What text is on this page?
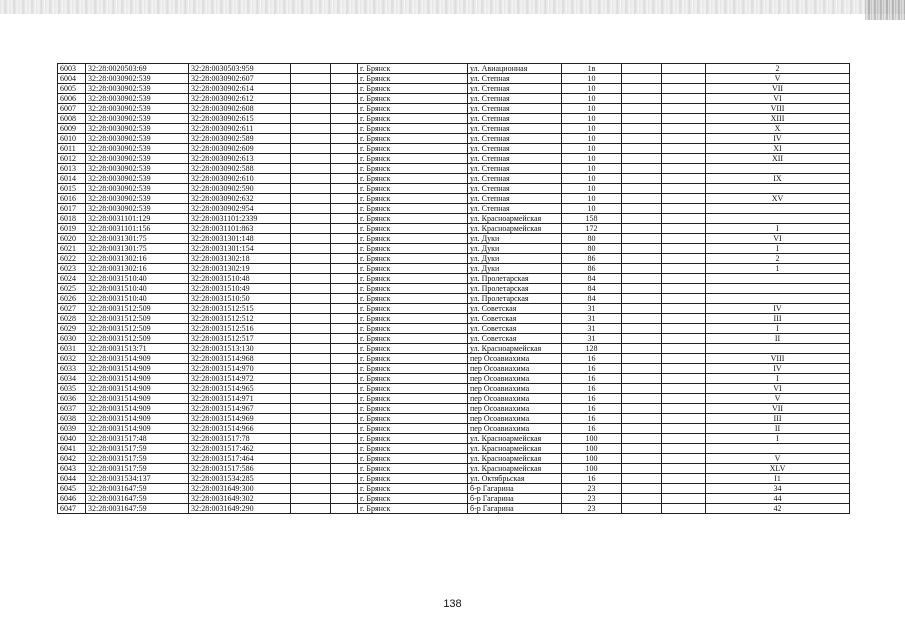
6003	32:28:0020503:69	32:28:0030503:959			г. Брянск	ул. Авиационная	1в			2
6004	32:28:0030902:539	32:28:0030902:607			г. Брянск	ул. Степная	10			V
6005	32:28:0030902:539	32:28:0030902:614			г. Брянск	ул. Степная	10			VII
6006	32:28:0030902:539	32:28:0030902:612			г. Брянск	ул. Степная	10			VI
6007	32:28:0030902:539	32:28:0030902:608			г. Брянск	ул. Степная	10			VIII
6008	32:28:0030902:539	32:28:0030902:615			г. Брянск	ул. Степная	10			XIII
6009	32:28:0030902:539	32:28:0030902:611			г. Брянск	ул. Степная	10			X
6010	32:28:0030902:539	32:28:0030902:589			г. Брянск	ул. Степная	10			IV
6011	32:28:0030902:539	32:28:0030902:609			г. Брянск	ул. Степная	10			XI
6012	32:28:0030902:539	32:28:0030902:613			г. Брянск	ул. Степная	10			XII
6013	32:28:0030902:539	32:28:0030902:588			г. Брянск	ул. Степная	10			
6014	32:28:0030902:539	32:28:0030902:610			г. Брянск	ул. Степная	10			IX
6015	32:28:0030902:539	32:28:0030902:590			г. Брянск	ул. Степная	10			
6016	32:28:0030902:539	32:28:0030902:632			г. Брянск	ул. Степная	10			XV
6017	32:28:0030902:539	32:28:0030902:954			г. Брянск	ул. Степная	10			
6018	32:28:0031101:129	32:28:0031101:2339			г. Брянск	ул. Красноармейская	158			
6019	32:28:0031101:156	32:28:0031101:863			г. Брянск	ул. Красноармейская	172			I
6020	32:28:0031301:75	32:28:0031301:148			г. Брянск	ул. Дуки	80			VI
6021	32:28:0031301:75	32:28:0031301:154			г. Брянск	ул. Дуки	80			I
6022	32:28:0031302:16	32:28:0031302:18			г. Брянск	ул. Дуки	86			2
6023	32:28:0031302:16	32:28:0031302:19			г. Брянск	ул. Дуки	86			1
6024	32:28:0031510:40	32:28:0031510:48			г. Брянск	ул. Пролетарская	84			
6025	32:28:0031510:40	32:28:0031510:49			г. Брянск	ул. Пролетарская	84			
6026	32:28:0031510:40	32:28:0031510:50			г. Брянск	ул. Пролетарская	84			
6027	32:28:0031512:509	32:28:0031512:515			г. Брянск	ул. Советская	31			IV
6028	32:28:0031512:509	32:28:0031512:512			г. Брянск	ул. Советская	31			III
6029	32:28:0031512:509	32:28:0031512:516			г. Брянск	ул. Советская	31			I
6030	32:28:0031512:509	32:28:0031512:517			г. Брянск	ул. Советская	31			II
6031	32:28:0031513:71	32:28:0031513:130			г. Брянск	ул. Красноармейская	128			
6032	32:28:0031514:909	32:28:0031514:968			г. Брянск	пер Осоавиахима	16			VIII
6033	32:28:0031514:909	32:28:0031514:970			г. Брянск	пер Осоавиахима	16			IV
6034	32:28:0031514:909	32:28:0031514:972			г. Брянск	пер Осоавиахима	16			I
6035	32:28:0031514:909	32:28:0031514:965			г. Брянск	пер Осоавиахима	16			VI
6036	32:28:0031514:909	32:28:0031514:971			г. Брянск	пер Осоавиахима	16			V
6037	32:28:0031514:909	32:28:0031514:967			г. Брянск	пер Осоавиахима	16			VII
6038	32:28:0031514:909	32:28:0031514:969			г. Брянск	пер Осоавиахима	16			III
6039	32:28:0031514:909	32:28:0031514:966			г. Брянск	пер Осоавиахима	16			II
6040	32:28:0031517:48	32:28:0031517:78			г. Брянск	ул. Красноармейская	100			I
6041	32:28:0031517:59	32:28:0031517:462			г. Брянск	ул. Красноармейская	100			
6042	32:28:0031517:59	32:28:0031517:464			г. Брянск	ул. Красноармейская	100			V
6043	32:28:0031517:59	32:28:0031517:586			г. Брянск	ул. Красноармейская	100			XLV
6044	32:28:0031534:137	32:28:0031534:285			г. Брянск	ул. Октябрьская	16			I1
6045	32:28:0031647:59	32:28:0031649:300			г. Брянск	б-р Гагарина	23			34
6046	32:28:0031647:59	32:28:0031649:302			г. Брянск	б-р Гагарина	23			44
6047	32:28:0031647:59	32:28:0031649:290			г. Брянск	б-р Гагарина	23			42
138
